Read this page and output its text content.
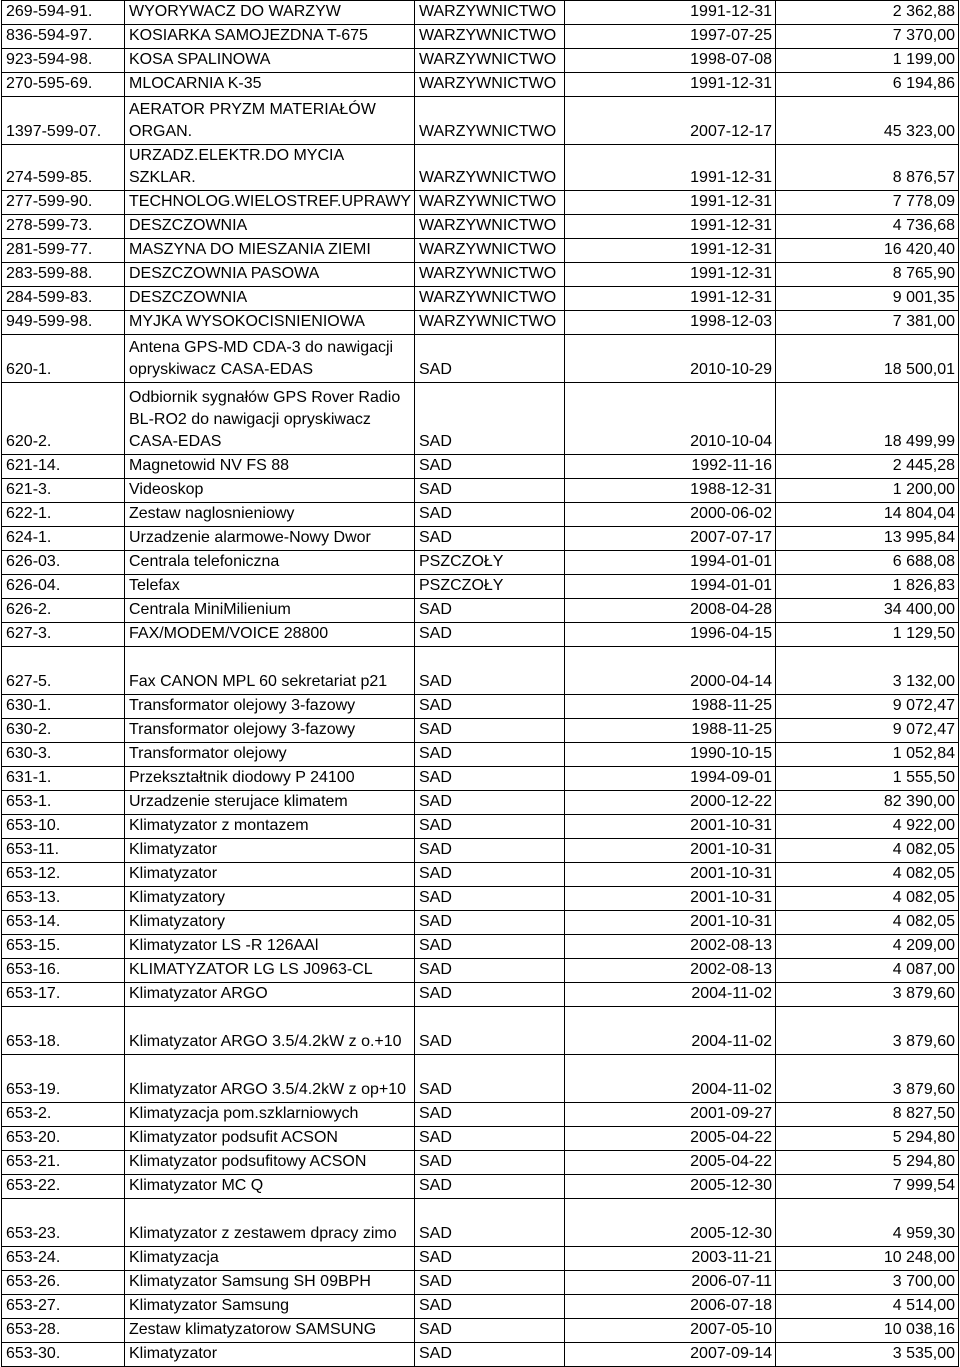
269-594-91.	WYORYWACZ DO WARZYW	WARZYWNICTWO	1991-12-31	2 362,88
836-594-97.	KOSIARKA SAMOJEZDNA T-675	WARZYWNICTWO	1997-07-25	7 370,00
923-594-98.	KOSA SPALINOWA	WARZYWNICTWO	1998-07-08	1 199,00
270-595-69.	MLOCARNIA K-35	WARZYWNICTWO	1991-12-31	6 194,86
1397-599-07.	AERATOR PRYZM MATERIAŁÓW ORGAN.	WARZYWNICTWO	2007-12-17	45 323,00
274-599-85.	URZADZ.ELEKTR.DO MYCIA SZKLAR.	WARZYWNICTWO	1991-12-31	8 876,57
277-599-90.	TECHNOLOG.WIELOSTREF.UPRAWY	WARZYWNICTWO	1991-12-31	7 778,09
278-599-73.	DESZCZOWNIA	WARZYWNICTWO	1991-12-31	4 736,68
281-599-77.	MASZYNA DO MIESZANIA ZIEMI	WARZYWNICTWO	1991-12-31	16 420,40
283-599-88.	DESZCZOWNIA PASOWA	WARZYWNICTWO	1991-12-31	8 765,90
284-599-83.	DESZCZOWNIA	WARZYWNICTWO	1991-12-31	9 001,35
949-599-98.	MYJKA WYSOKOCISNIENIOWA	WARZYWNICTWO	1998-12-03	7 381,00
620-1.	Antena GPS-MD CDA-3 do nawigacji opryskiwacz CASA-EDAS	SAD	2010-10-29	18 500,01
620-2.	Odbiornik sygnałów GPS Rover Radio BL-RO2 do nawigacji opryskiwacz CASA-EDAS	SAD	2010-10-04	18 499,99
621-14.	Magnetowid NV FS 88	SAD	1992-11-16	2 445,28
621-3.	Videoskop	SAD	1988-12-31	1 200,00
622-1.	Zestaw naglosnieniowy	SAD	2000-06-02	14 804,04
624-1.	Urzadzenie alarmowe-Nowy Dwor	SAD	2007-07-17	13 995,84
626-03.	Centrala telefoniczna	PSZCZOŁY	1994-01-01	6 688,08
626-04.	Telefax	PSZCZOŁY	1994-01-01	1 826,83
626-2.	Centrala MiniMilienium	SAD	2008-04-28	34 400,00
627-3.	FAX/MODEM/VOICE 28800	SAD	1996-04-15	1 129,50
627-5.	Fax CANON MPL 60 sekretariat p21	SAD	2000-04-14	3 132,00
630-1.	Transformator olejowy 3-fazowy	SAD	1988-11-25	9 072,47
630-2.	Transformator olejowy 3-fazowy	SAD	1988-11-25	9 072,47
630-3.	Transformator olejowy	SAD	1990-10-15	1 052,84
631-1.	Przekształtnik diodowy P 24100	SAD	1994-09-01	1 555,50
653-1.	Urzadzenie sterujace klimatem	SAD	2000-12-22	82 390,00
653-10.	Klimatyzator z montazem	SAD	2001-10-31	4 922,00
653-11.	Klimatyzator	SAD	2001-10-31	4 082,05
653-12.	Klimatyzator	SAD	2001-10-31	4 082,05
653-13.	Klimatyzatory	SAD	2001-10-31	4 082,05
653-14.	Klimatyzatory	SAD	2001-10-31	4 082,05
653-15.	Klimatyzator LS -R 126AAl	SAD	2002-08-13	4 209,00
653-16.	KLIMATYZATOR LG LS J0963-CL	SAD	2002-08-13	4 087,00
653-17.	Klimatyzator ARGO	SAD	2004-11-02	3 879,60
653-18.	Klimatyzator ARGO 3.5/4.2kW z o.+10	SAD	2004-11-02	3 879,60
653-19.	Klimatyzator ARGO 3.5/4.2kW z op+10	SAD	2004-11-02	3 879,60
653-2.	Klimatyzacja pom.szklarniowych	SAD	2001-09-27	8 827,50
653-20.	Klimatyzator podsufit ACSON	SAD	2005-04-22	5 294,80
653-21.	Klimatyzator podsufitowy ACSON	SAD	2005-04-22	5 294,80
653-22.	Klimatyzator MC Q	SAD	2005-12-30	7 999,54
653-23.	Klimatyzator z zestawem dpracy zimo	SAD	2005-12-30	4 959,30
653-24.	Klimatyzacja	SAD	2003-11-21	10 248,00
653-26.	Klimatyzator Samsung SH 09BPH	SAD	2006-07-11	3 700,00
653-27.	Klimatyzator Samsung	SAD	2006-07-18	4 514,00
653-28.	Zestaw klimatyzatorow SAMSUNG	SAD	2007-05-10	10 038,16
653-30.	Klimatyzator	SAD	2007-09-14	3 535,00
